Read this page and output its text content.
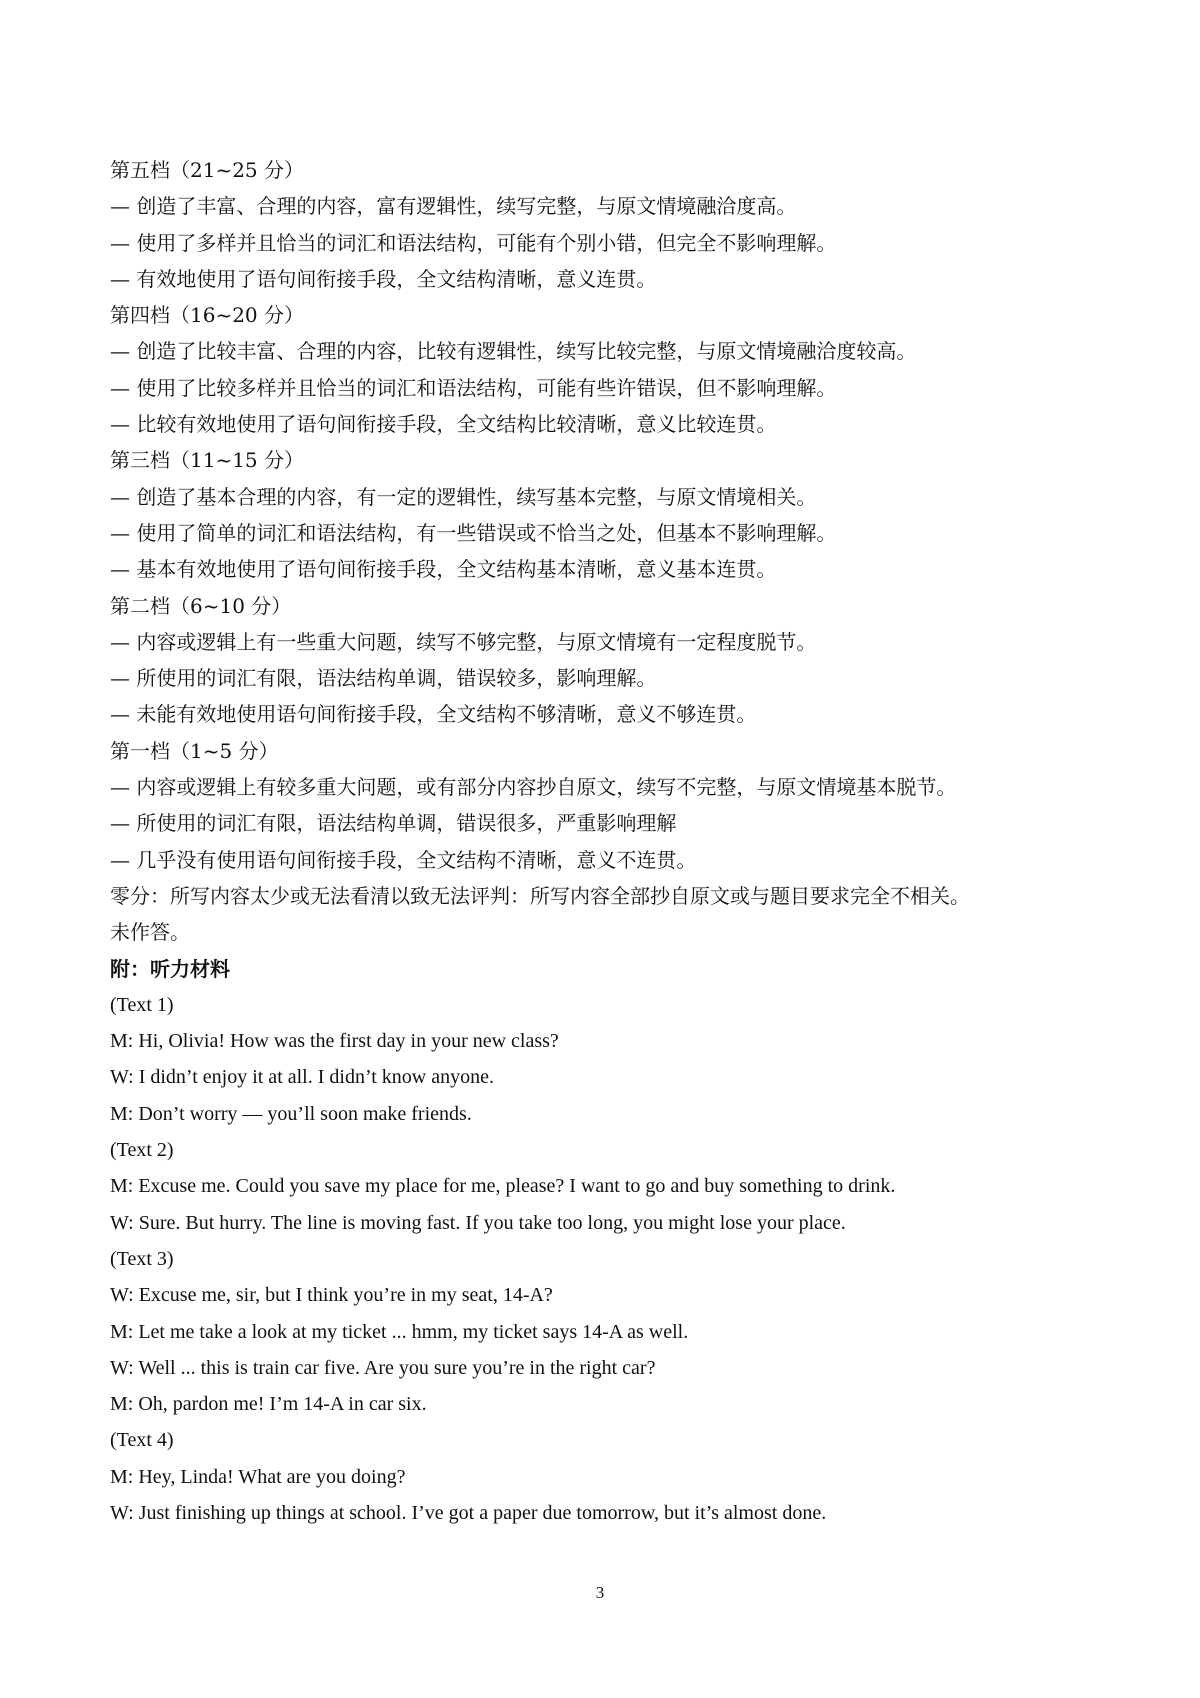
第五档（21~25 分）
— 创造了丰富、合理的内容，富有逻辑性，续写完整，与原文情境融洽度高。
— 使用了多样并且恰当的词汇和语法结构，可能有个别小错，但完全不影响理解。
— 有效地使用了语句间衔接手段，全文结构清晰，意义连贯。
第四档（16~20 分）
— 创造了比较丰富、合理的内容，比较有逻辑性，续写比较完整，与原文情境融洽度较高。
— 使用了比较多样并且恰当的词汇和语法结构，可能有些许错误，但不影响理解。
— 比较有效地使用了语句间衔接手段，全文结构比较清晰，意义比较连贯。
第三档（11~15 分）
— 创造了基本合理的内容，有一定的逻辑性，续写基本完整，与原文情境相关。
— 使用了简单的词汇和语法结构，有一些错误或不恰当之处，但基本不影响理解。
— 基本有效地使用了语句间衔接手段，全文结构基本清晰，意义基本连贯。
第二档（6~10 分）
— 内容或逻辑上有一些重大问题，续写不够完整，与原文情境有一定程度脱节。
— 所使用的词汇有限，语法结构单调，错误较多，影响理解。
— 未能有效地使用语句间衔接手段，全文结构不够清晰，意义不够连贯。
第一档（1~5 分）
— 内容或逻辑上有较多重大问题，或有部分内容抄自原文，续写不完整，与原文情境基本脱节。
— 所使用的词汇有限，语法结构单调，错误很多，严重影响理解
— 几乎没有使用语句间衔接手段，全文结构不清晰，意义不连贯。
零分：所写内容太少或无法看清以致无法评判：所写内容全部抄自原文或与题目要求完全不相关。
未作答。
附：听力材料
(Text 1)
M: Hi, Olivia! How was the first day in your new class?
W: I didn’t enjoy it at all. I didn’t know anyone.
M: Don’t worry — you’ll soon make friends.
(Text 2)
M: Excuse me. Could you save my place for me, please? I want to go and buy something to drink.
W: Sure. But hurry. The line is moving fast. If you take too long, you might lose your place.
(Text 3)
W: Excuse me, sir, but I think you’re in my seat, 14-A?
M: Let me take a look at my ticket ... hmm, my ticket says 14-A as well.
W: Well ... this is train car five. Are you sure you’re in the right car?
M: Oh, pardon me! I’m 14-A in car six.
(Text 4)
M: Hey, Linda! What are you doing?
W: Just finishing up things at school. I’ve got a paper due tomorrow, but it’s almost done.
3
